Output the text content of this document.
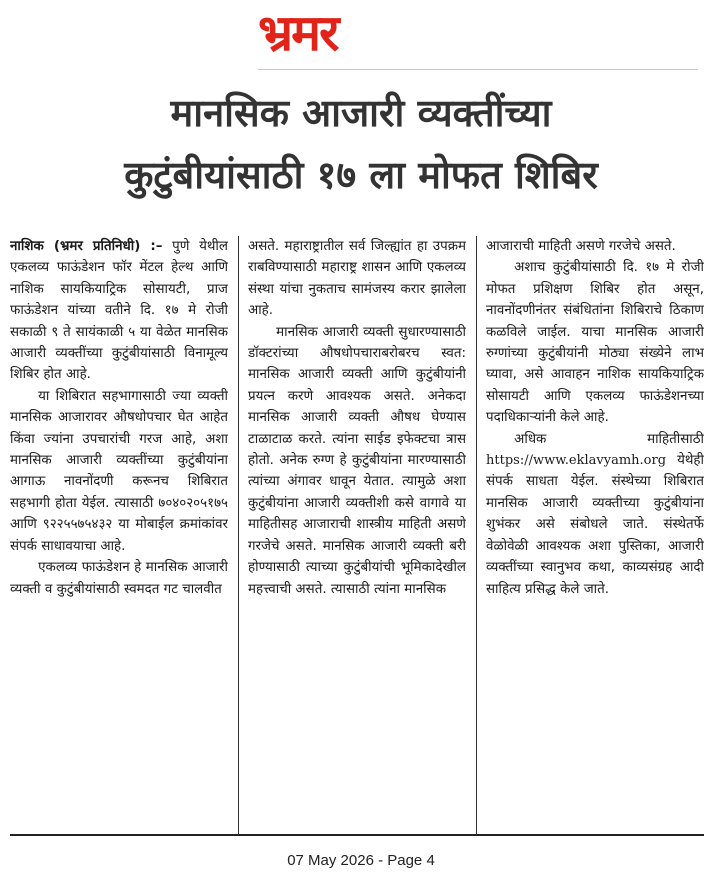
भ्रमर
मानसिक आजारी व्यक्तींच्या
कुटुंबीयांसाठी १७ ला मोफत शिबिर

नाशिक (भ्रमर प्रतिनिधी) :– पुणे येथील एकलव्य फाऊंडेशन फॉर मेंटल हेल्थ आणि नाशिक सायकियाट्रिक सोसायटी, प्राज फाऊंडेशन यांच्या वतीने दि. १७ मे रोजी सकाळी ९ ते सायंकाळी ५ या वेळेत मानसिक आजारी व्यक्तींच्या कुटुंबीयांसाठी विनामूल्य शिबिर होत आहे.

या शिबिरात सहभागासाठी ज्या व्यक्ती मानसिक आजारावर औषधोपचार घेत आहेत किंवा ज्यांना उपचारांची गरज आहे, अशा मानसिक आजारी व्यक्तींच्या कुटुंबीयांना आगाऊ नावनोंदणी करूनच शिबिरात सहभागी होता येईल. त्यासाठी ७०४०२०५१७५ आणि ९२२५५७५४३२ या मोबाईल क्रमांकांवर संपर्क साधावयाचा आहे.

एकलव्य फाऊंडेशन हे मानसिक आजारी व्यक्ती व कुटुंबीयांसाठी स्वमदत गट चालवीत

असते. महाराष्ट्रातील सर्व जिल्ह्यांत हा उपक्रम राबविण्यासाठी महाराष्ट्र शासन आणि एकलव्य संस्था यांचा नुकताच सामंजस्य करार झालेला आहे.

मानसिक आजारी व्यक्ती सुधारण्यासाठी डॉक्टरांच्या औषधोपचाराबरोबरच स्वत: मानसिक आजारी व्यक्ती आणि कुटुंबीयांनी प्रयत्न करणे आवश्यक असते. अनेकदा मानसिक आजारी व्यक्ती औषध घेण्यास टाळाटाळ करते. त्यांना साईड इफेक्टचा त्रास होतो. अनेक रुग्ण हे कुटुंबीयांना मारण्यासाठी त्यांच्या अंगावर धावून येतात. त्यामुळे अशा कुटुंबीयांना आजारी व्यक्तीशी कसे वागावे या माहितीसह आजाराची शास्त्रीय माहिती असणे गरजेचे असते. मानसिक आजारी व्यक्ती बरी होण्यासाठी त्याच्या कुटुंबीयांची भूमिकादेखील महत्त्वाची असते. त्यासाठी त्यांना मानसिक

आजाराची माहिती असणे गरजेचे असते.

अशाच कुटुंबीयांसाठी दि. १७ मे रोजी मोफत प्रशिक्षण शिबिर होत असून, नावनोंदणीनंतर संबंधितांना शिबिराचे ठिकाण कळविले जाईल. याचा मानसिक आजारी रुग्णांच्या कुटुंबीयांनी मोठ्या संख्येने लाभ घ्यावा, असे आवाहन नाशिक सायकियाट्रिक सोसायटी आणि एकलव्य फाऊंडेशनच्या पदाधिकाऱ्यांनी केले आहे.

अधिक माहितीसाठी https://www.eklavyamh.org येथेही संपर्क साधता येईल. संस्थेच्या शिबिरात मानसिक आजारी व्यक्तीच्या कुटुंबीयांना शुभंकर असे संबोधले जाते. संस्थेतर्फे वेळोवेळी आवश्यक अशा पुस्तिका, आजारी व्यक्तींच्या स्वानुभव कथा, काव्यसंग्रह आदी साहित्य प्रसिद्ध केले जाते.

07 May 2026 - Page 4
